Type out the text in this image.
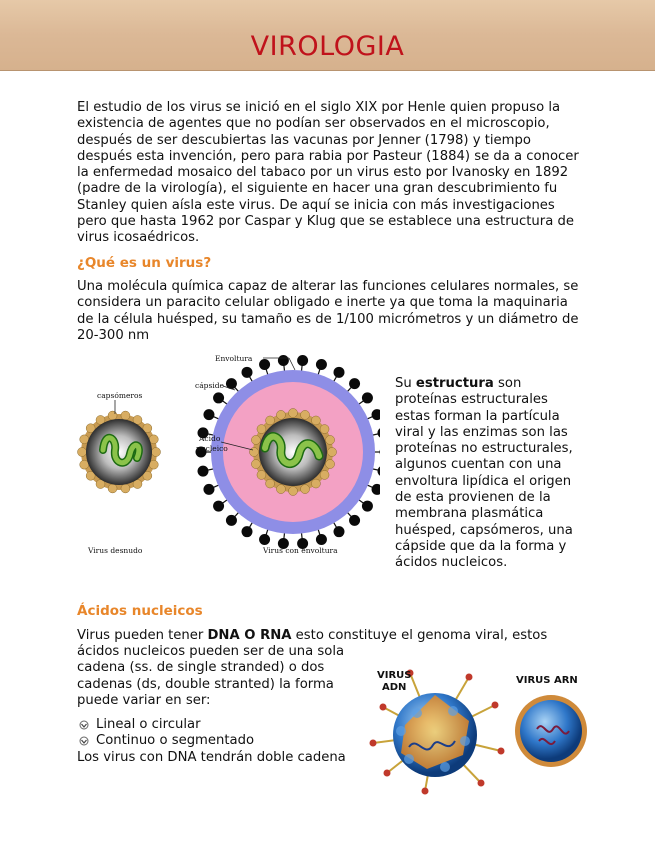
VIROLOGIA

El estudio de los virus se inició en el siglo XIX por Henle quien propuso la existencia de agentes que no podían ser observados en el microscopio, después de ser descubiertas las vacunas por Jenner (1798) y tiempo después esta invención, pero para rabia por Pasteur (1884) se da a conocer la enfermedad mosaico del tabaco por un virus esto por Ivanosky en 1892 (padre de la virología), el siguiente en hacer una gran descubrimiento fu Stanley quien aísla este virus. De aquí se inicia con más investigaciones pero que hasta 1962 por Caspar y Klug que se establece una estructura de virus icosaédricos.

¿Qué es un virus?

Una molécula química capaz de alterar las funciones celulares normales, se considera un paracito celular obligado e inerte ya que toma la maquinaria de la célula huésped, su tamaño es de 1/100 micrómetros y un diámetro de 20-300 nm

capsómeros
Envoltura
cápside
Ácido
nucleico
Virus desnudo	Virus con envoltura

Su estructura son proteínas estructurales estas forman la partícula viral y las enzimas son las proteínas no estructurales, algunos cuentan con una envoltura lipídica el origen de esta provienen de la membrana plasmática huésped, capsómeros, una cápside que da la forma y ácidos nucleicos.

Ácidos nucleicos

Virus pueden tener DNA O RNA esto constituye el genoma viral, estos

ácidos nucleicos pueden ser de una sola cadena (ss. de single stranded) o dos cadenas (ds, double stranted) la forma puede variar en ser:

Lineal o circular
Continuo o segmentado

Los virus con DNA tendrán doble cadena

VIRUS
ADN
VIRUS ARN
